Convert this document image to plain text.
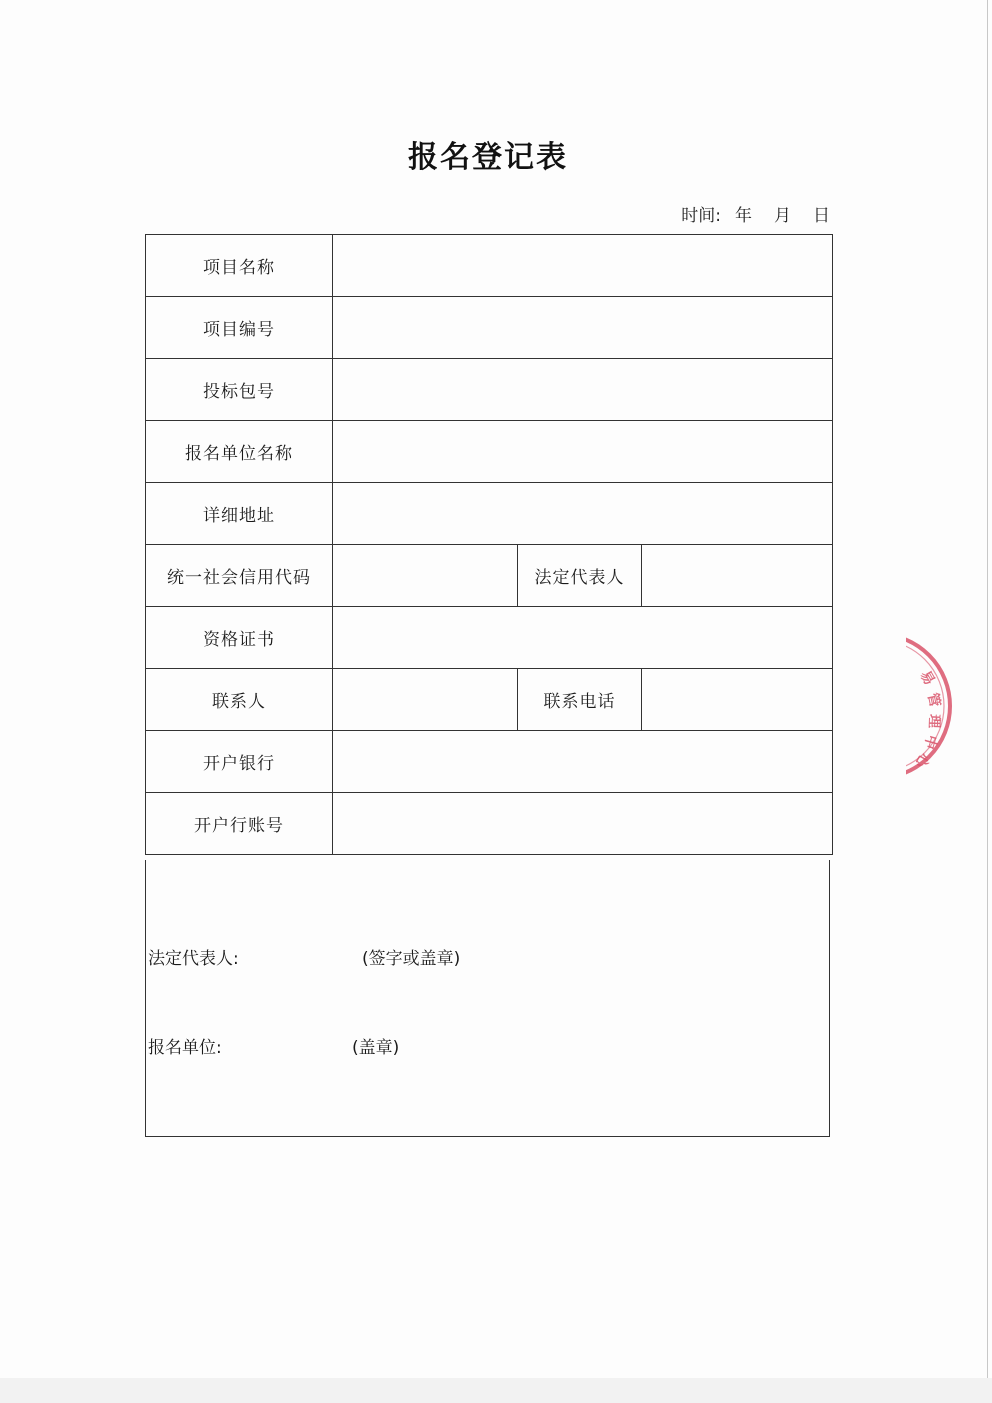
报名登记表
时间: 年 月 日
项目名称			
项目编号			
投标包号			
报名单位名称			
详细地址			
统一社会信用代码		法定代表人	
资格证书			
联系人		联系电话	
开户银行			
开户行账号			
法定代表人:	(签字或盖章)
报名单位:	(盖章)
易
管
理
中
心
